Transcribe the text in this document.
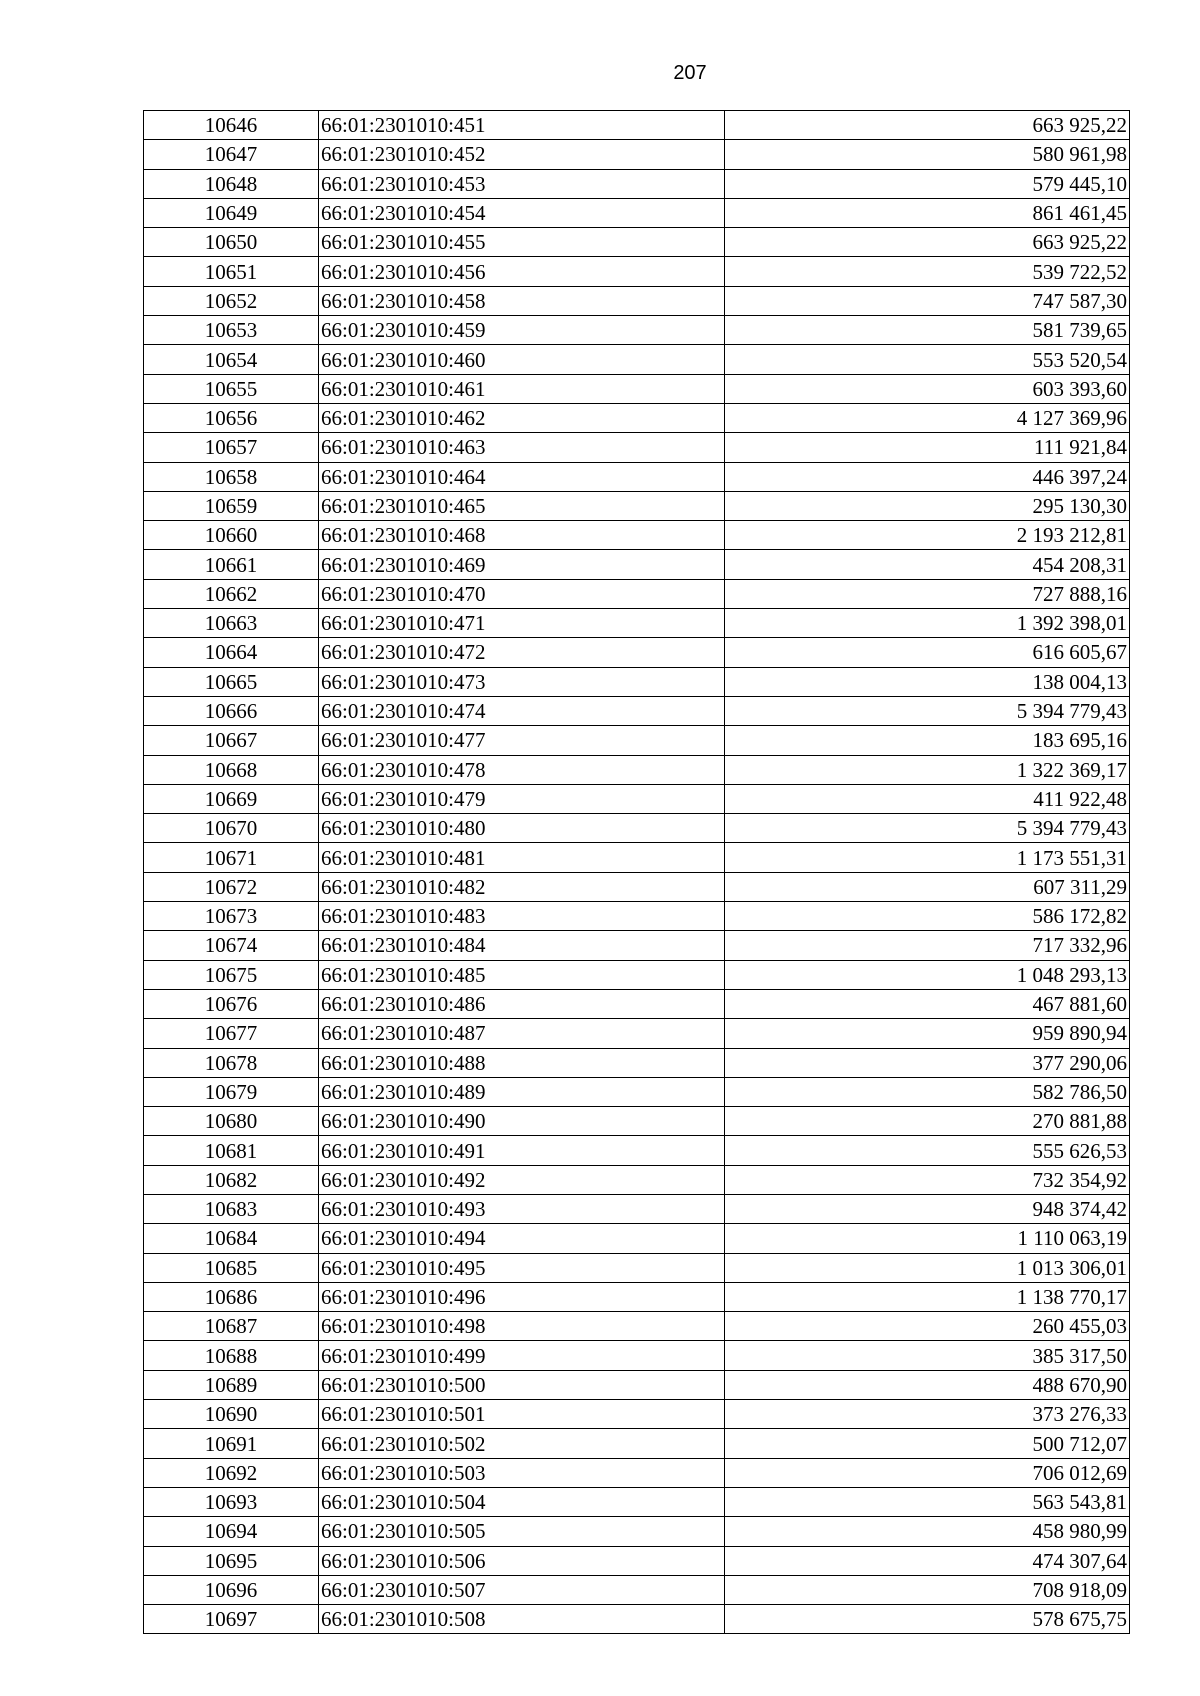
207
10646	66:01:2301010:451	663 925,22
10647	66:01:2301010:452	580 961,98
10648	66:01:2301010:453	579 445,10
10649	66:01:2301010:454	861 461,45
10650	66:01:2301010:455	663 925,22
10651	66:01:2301010:456	539 722,52
10652	66:01:2301010:458	747 587,30
10653	66:01:2301010:459	581 739,65
10654	66:01:2301010:460	553 520,54
10655	66:01:2301010:461	603 393,60
10656	66:01:2301010:462	4 127 369,96
10657	66:01:2301010:463	111 921,84
10658	66:01:2301010:464	446 397,24
10659	66:01:2301010:465	295 130,30
10660	66:01:2301010:468	2 193 212,81
10661	66:01:2301010:469	454 208,31
10662	66:01:2301010:470	727 888,16
10663	66:01:2301010:471	1 392 398,01
10664	66:01:2301010:472	616 605,67
10665	66:01:2301010:473	138 004,13
10666	66:01:2301010:474	5 394 779,43
10667	66:01:2301010:477	183 695,16
10668	66:01:2301010:478	1 322 369,17
10669	66:01:2301010:479	411 922,48
10670	66:01:2301010:480	5 394 779,43
10671	66:01:2301010:481	1 173 551,31
10672	66:01:2301010:482	607 311,29
10673	66:01:2301010:483	586 172,82
10674	66:01:2301010:484	717 332,96
10675	66:01:2301010:485	1 048 293,13
10676	66:01:2301010:486	467 881,60
10677	66:01:2301010:487	959 890,94
10678	66:01:2301010:488	377 290,06
10679	66:01:2301010:489	582 786,50
10680	66:01:2301010:490	270 881,88
10681	66:01:2301010:491	555 626,53
10682	66:01:2301010:492	732 354,92
10683	66:01:2301010:493	948 374,42
10684	66:01:2301010:494	1 110 063,19
10685	66:01:2301010:495	1 013 306,01
10686	66:01:2301010:496	1 138 770,17
10687	66:01:2301010:498	260 455,03
10688	66:01:2301010:499	385 317,50
10689	66:01:2301010:500	488 670,90
10690	66:01:2301010:501	373 276,33
10691	66:01:2301010:502	500 712,07
10692	66:01:2301010:503	706 012,69
10693	66:01:2301010:504	563 543,81
10694	66:01:2301010:505	458 980,99
10695	66:01:2301010:506	474 307,64
10696	66:01:2301010:507	708 918,09
10697	66:01:2301010:508	578 675,75
